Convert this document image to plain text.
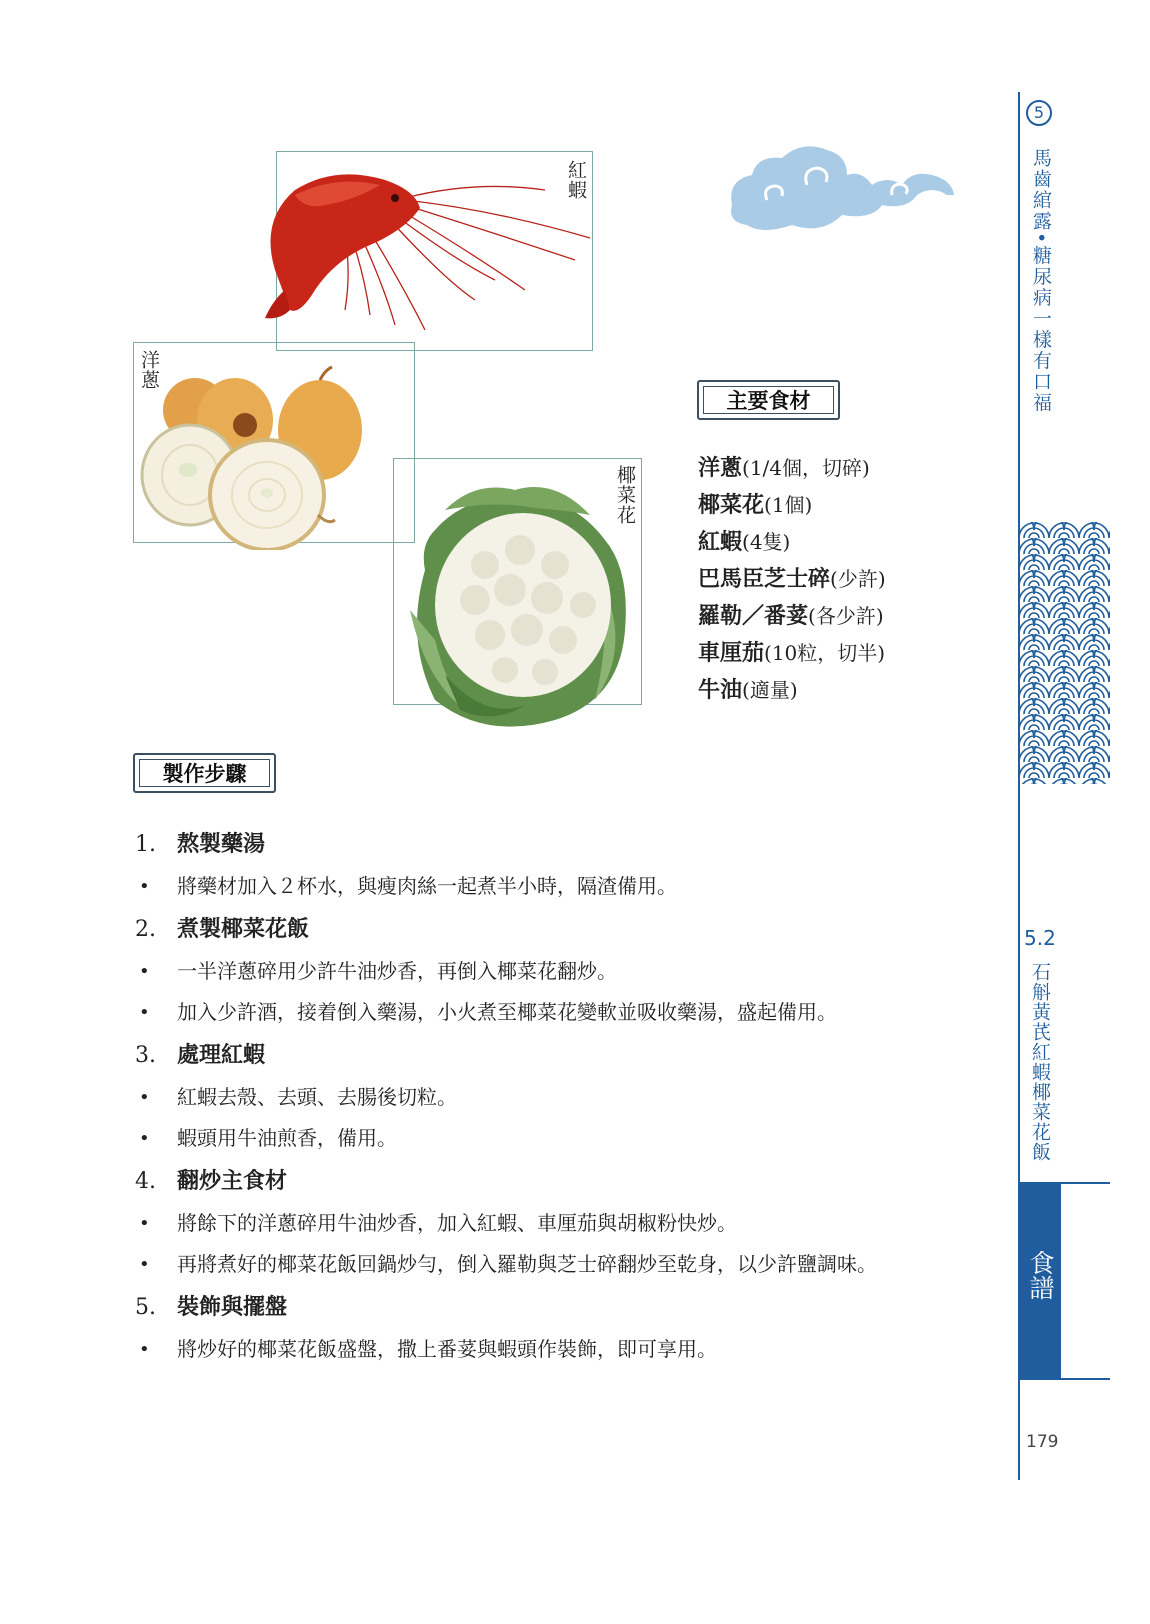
紅蝦
洋蔥
椰菜花
主要食材
洋蔥(1/4個，切碎)
椰菜花(1個)
紅蝦(4隻)
巴馬臣芝士碎(少許)
羅勒／番荽(各少許)
車厘茄(10粒，切半)
牛油(適量)
製作步驟
1. 熬製藥湯
• 將藥材加入２杯水，與瘦肉絲一起煮半小時，隔渣備用。
2. 煮製椰菜花飯
• 一半洋蔥碎用少許牛油炒香，再倒入椰菜花翻炒。
• 加入少許酒，接着倒入藥湯，小火煮至椰菜花變軟並吸收藥湯，盛起備用。
3. 處理紅蝦
• 紅蝦去殼、去頭、去腸後切粒。
• 蝦頭用牛油煎香，備用。
4. 翻炒主食材
• 將餘下的洋蔥碎用牛油炒香，加入紅蝦、車厘茄與胡椒粉快炒。
• 再將煮好的椰菜花飯回鍋炒勻，倒入羅勒與芝士碎翻炒至乾身，以少許鹽調味。
5. 裝飾與擺盤
• 將炒好的椰菜花飯盛盤，撒上番荽與蝦頭作裝飾，即可享用。
5
馬齒綰露•糖尿病一樣有口福
5.2
石斛黃芪紅蝦椰菜花飯
食譜
179
